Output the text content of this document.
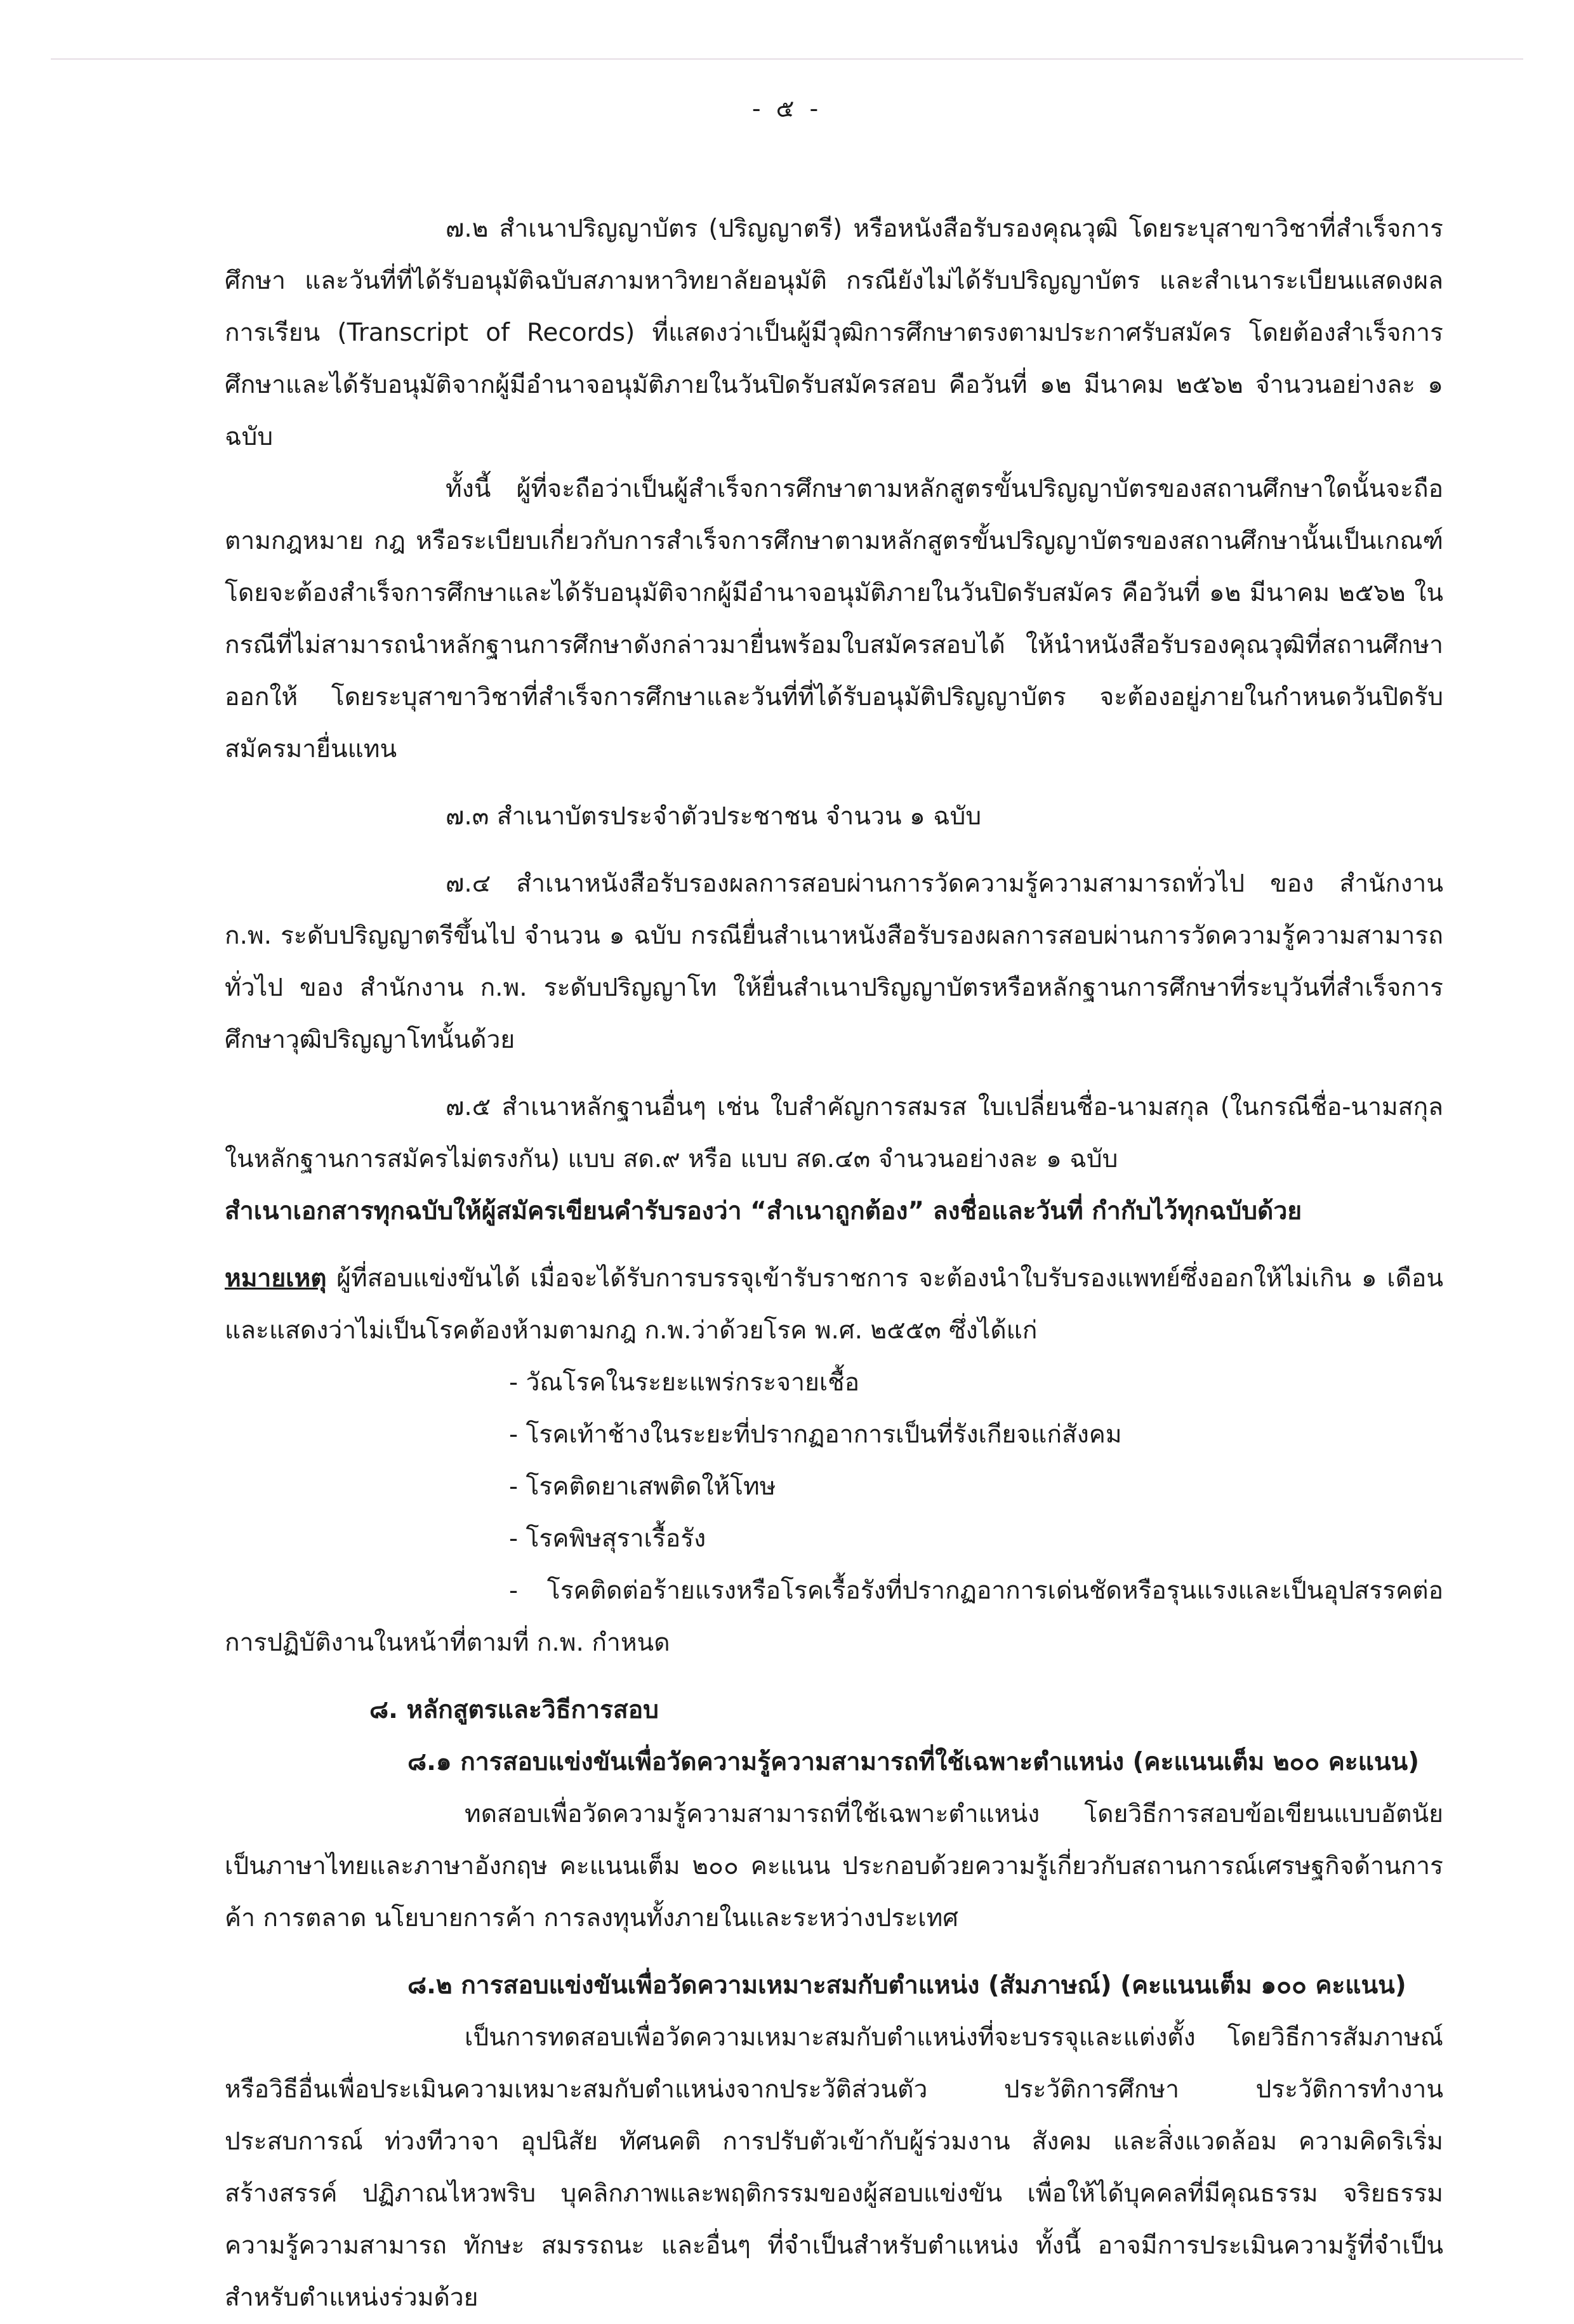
- ๕ -

๗.๒ สำเนาปริญญาบัตร (ปริญญาตรี) หรือหนังสือรับรองคุณวุฒิ โดยระบุสาขาวิชาที่สำเร็จการศึกษา และวันที่ที่ได้รับอนุมัติฉบับสภามหาวิทยาลัยอนุมัติ กรณียังไม่ได้รับปริญญาบัตร และสำเนาระเบียนแสดงผลการเรียน (Transcript of Records) ที่แสดงว่าเป็นผู้มีวุฒิการศึกษาตรงตามประกาศรับสมัคร โดยต้องสำเร็จการศึกษาและได้รับอนุมัติจากผู้มีอำนาจอนุมัติภายในวันปิดรับสมัครสอบ คือวันที่ ๑๒ มีนาคม ๒๕๖๒ จำนวนอย่างละ ๑ ฉบับ

ทั้งนี้ ผู้ที่จะถือว่าเป็นผู้สำเร็จการศึกษาตามหลักสูตรขั้นปริญญาบัตรของสถานศึกษาใดนั้นจะถือตามกฎหมาย กฎ หรือระเบียบเกี่ยวกับการสำเร็จการศึกษาตามหลักสูตรขั้นปริญญาบัตรของสถานศึกษานั้นเป็นเกณฑ์ โดยจะต้องสำเร็จการศึกษาและได้รับอนุมัติจากผู้มีอำนาจอนุมัติภายในวันปิดรับสมัคร คือวันที่ ๑๒ มีนาคม ๒๕๖๒ ในกรณีที่ไม่สามารถนำหลักฐานการศึกษาดังกล่าวมายื่นพร้อมใบสมัครสอบได้ ให้นำหนังสือรับรองคุณวุฒิที่สถานศึกษาออกให้ โดยระบุสาขาวิชาที่สำเร็จการศึกษาและวันที่ที่ได้รับอนุมัติปริญญาบัตร จะต้องอยู่ภายในกำหนดวันปิดรับสมัครมายื่นแทน

๗.๓ สำเนาบัตรประจำตัวประชาชน จำนวน ๑ ฉบับ

๗.๔ สำเนาหนังสือรับรองผลการสอบผ่านการวัดความรู้ความสามารถทั่วไป ของ สำนักงาน ก.พ. ระดับปริญญาตรีขึ้นไป จำนวน ๑ ฉบับ กรณียื่นสำเนาหนังสือรับรองผลการสอบผ่านการวัดความรู้ความสามารถทั่วไป ของ สำนักงาน ก.พ. ระดับปริญญาโท ให้ยื่นสำเนาปริญญาบัตรหรือหลักฐานการศึกษาที่ระบุวันที่สำเร็จการศึกษาวุฒิปริญญาโทนั้นด้วย

๗.๕ สำเนาหลักฐานอื่นๆ เช่น ใบสำคัญการสมรส ใบเปลี่ยนชื่อ-นามสกุล (ในกรณีชื่อ-นามสกุล ในหลักฐานการสมัครไม่ตรงกัน) แบบ สด.๙ หรือ แบบ สด.๔๓ จำนวนอย่างละ ๑ ฉบับ

สำเนาเอกสารทุกฉบับให้ผู้สมัครเขียนคำรับรองว่า “สำเนาถูกต้อง” ลงชื่อและวันที่ กำกับไว้ทุกฉบับด้วย

หมายเหตุ ผู้ที่สอบแข่งขันได้ เมื่อจะได้รับการบรรจุเข้ารับราชการ จะต้องนำใบรับรองแพทย์ซึ่งออกให้ไม่เกิน ๑ เดือน และแสดงว่าไม่เป็นโรคต้องห้ามตามกฎ ก.พ.ว่าด้วยโรค พ.ศ. ๒๕๕๓ ซึ่งได้แก่

- วัณโรคในระยะแพร่กระจายเชื้อ

- โรคเท้าช้างในระยะที่ปรากฏอาการเป็นที่รังเกียจแก่สังคม

- โรคติดยาเสพติดให้โทษ

- โรคพิษสุราเรื้อรัง

- โรคติดต่อร้ายแรงหรือโรคเรื้อรังที่ปรากฏอาการเด่นชัดหรือรุนแรงและเป็นอุปสรรคต่อการปฏิบัติงานในหน้าที่ตามที่ ก.พ. กำหนด

๘. หลักสูตรและวิธีการสอบ

๘.๑ การสอบแข่งขันเพื่อวัดความรู้ความสามารถที่ใช้เฉพาะตำแหน่ง (คะแนนเต็ม ๒๐๐ คะแนน)

ทดสอบเพื่อวัดความรู้ความสามารถที่ใช้เฉพาะตำแหน่ง โดยวิธีการสอบข้อเขียนแบบอัตนัยเป็นภาษาไทยและภาษาอังกฤษ คะแนนเต็ม ๒๐๐ คะแนน ประกอบด้วยความรู้เกี่ยวกับสถานการณ์เศรษฐกิจด้านการค้า การตลาด นโยบายการค้า การลงทุนทั้งภายในและระหว่างประเทศ

๘.๒ การสอบแข่งขันเพื่อวัดความเหมาะสมกับตำแหน่ง (สัมภาษณ์) (คะแนนเต็ม ๑๐๐ คะแนน)

เป็นการทดสอบเพื่อวัดความเหมาะสมกับตำแหน่งที่จะบรรจุและแต่งตั้ง โดยวิธีการสัมภาษณ์หรือวิธีอื่นเพื่อประเมินความเหมาะสมกับตำแหน่งจากประวัติส่วนตัว ประวัติการศึกษา ประวัติการทำงาน ประสบการณ์ ท่วงทีวาจา อุปนิสัย ทัศนคติ การปรับตัวเข้ากับผู้ร่วมงาน สังคม และสิ่งแวดล้อม ความคิดริเริ่มสร้างสรรค์ ปฏิภาณไหวพริบ บุคลิกภาพและพฤติกรรมของผู้สอบแข่งขัน เพื่อให้ได้บุคคลที่มีคุณธรรม จริยธรรม ความรู้ความสามารถ ทักษะ สมรรถนะ และอื่นๆ ที่จำเป็นสำหรับตำแหน่ง ทั้งนี้ อาจมีการประเมินความรู้ที่จำเป็นสำหรับตำแหน่งร่วมด้วย
